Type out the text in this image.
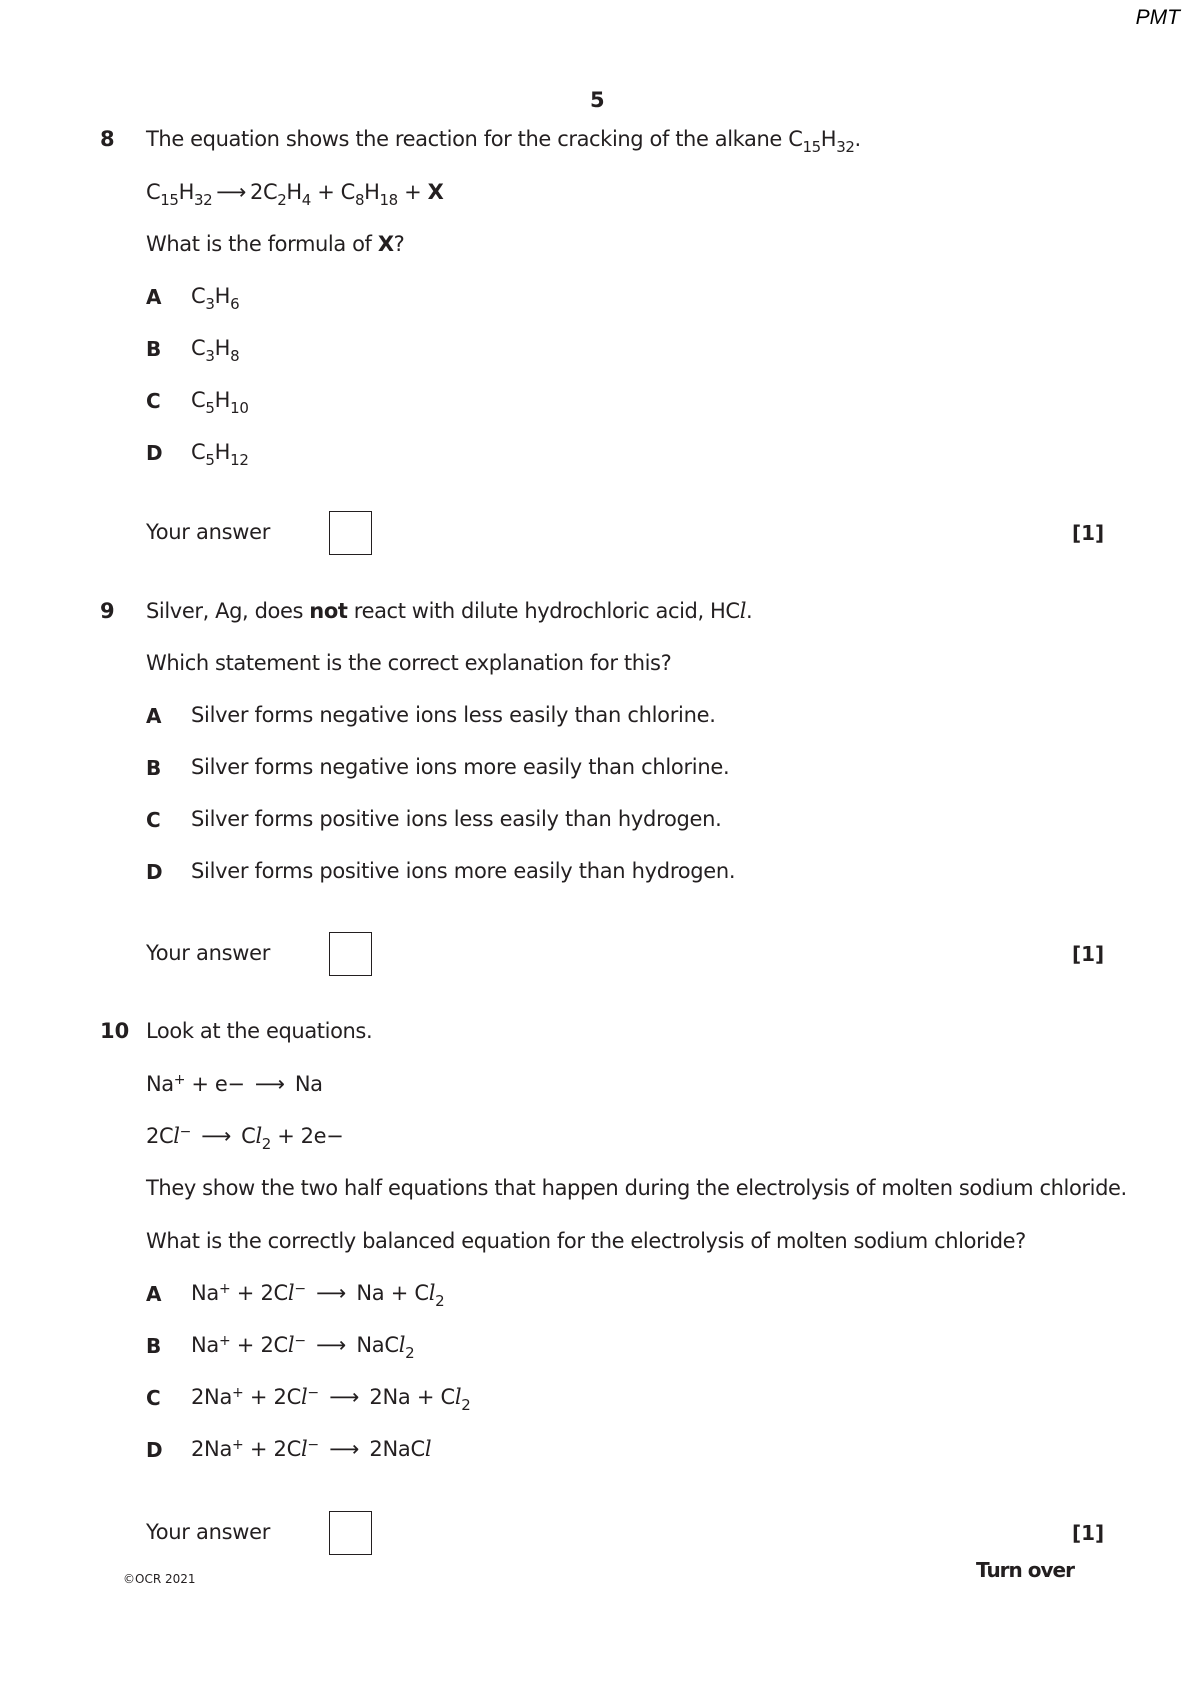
PMT
5
8 The equation shows the reaction for the cracking of the alkane $C_{15}H_{32}$.
$C_{15}H_{32}$ ⟶ $2C_2H_4 + C_8H_{18} + X$
What is the formula of X?
A $C_3H_6$
B $C_3H_8$
C $C_5H_{10}$
D $C_5H_{12}$
Your answer	[1]
9 Silver, Ag, does not react with dilute hydrochloric acid, HCl.
Which statement is the correct explanation for this?
A Silver forms negative ions less easily than chlorine.
B Silver forms negative ions more easily than chlorine.
C Silver forms positive ions less easily than hydrogen.
D Silver forms positive ions more easily than hydrogen.
Your answer	[1]
10 Look at the equations.
Na+ + e− ⟶ Na
2Cl− ⟶ $Cl_2 + 2e-$
They show the two half equations that happen during the electrolysis of molten sodium chloride.
What is the correctly balanced equation for the electrolysis of molten sodium chloride?
A Na+ + 2Cl− ⟶ $Na + Cl_2$
B Na+ + 2Cl− ⟶ NaCl$_2$
C 2Na+ + 2Cl− ⟶ $2Na + Cl_2$
D 2Na+ + 2Cl− ⟶ 2NaCl
Your answer	[1]
©OCR 2021	Turn over
